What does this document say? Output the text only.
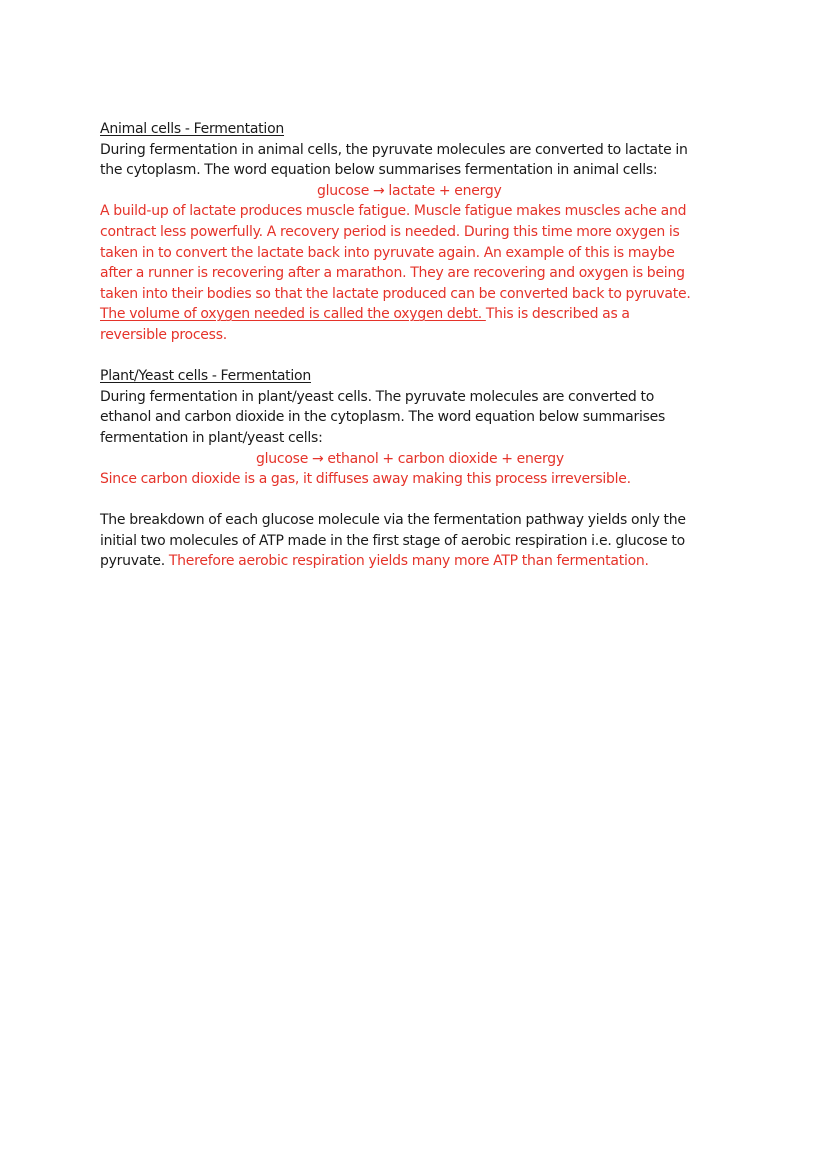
Animal cells - Fermentation
During fermentation in animal cells, the pyruvate molecules are converted to lactate in
the cytoplasm. The word equation below summarises fermentation in animal cells:
glucose → lactate + energy
A build-up of lactate produces muscle fatigue. Muscle fatigue makes muscles ache and
contract less powerfully. A recovery period is needed. During this time more oxygen is
taken in to convert the lactate back into pyruvate again. An example of this is maybe
after a runner is recovering after a marathon. They are recovering and oxygen is being
taken into their bodies so that the lactate produced can be converted back to pyruvate.
The volume of oxygen needed is called the oxygen debt. This is described as a
reversible process.
Plant/Yeast cells - Fermentation
During fermentation in plant/yeast cells. The pyruvate molecules are converted to
ethanol and carbon dioxide in the cytoplasm. The word equation below summarises
fermentation in plant/yeast cells:
glucose → ethanol + carbon dioxide + energy
Since carbon dioxide is a gas, it diffuses away making this process irreversible.
The breakdown of each glucose molecule via the fermentation pathway yields only the
initial two molecules of ATP made in the first stage of aerobic respiration i.e. glucose to
pyruvate. Therefore aerobic respiration yields many more ATP than fermentation.
